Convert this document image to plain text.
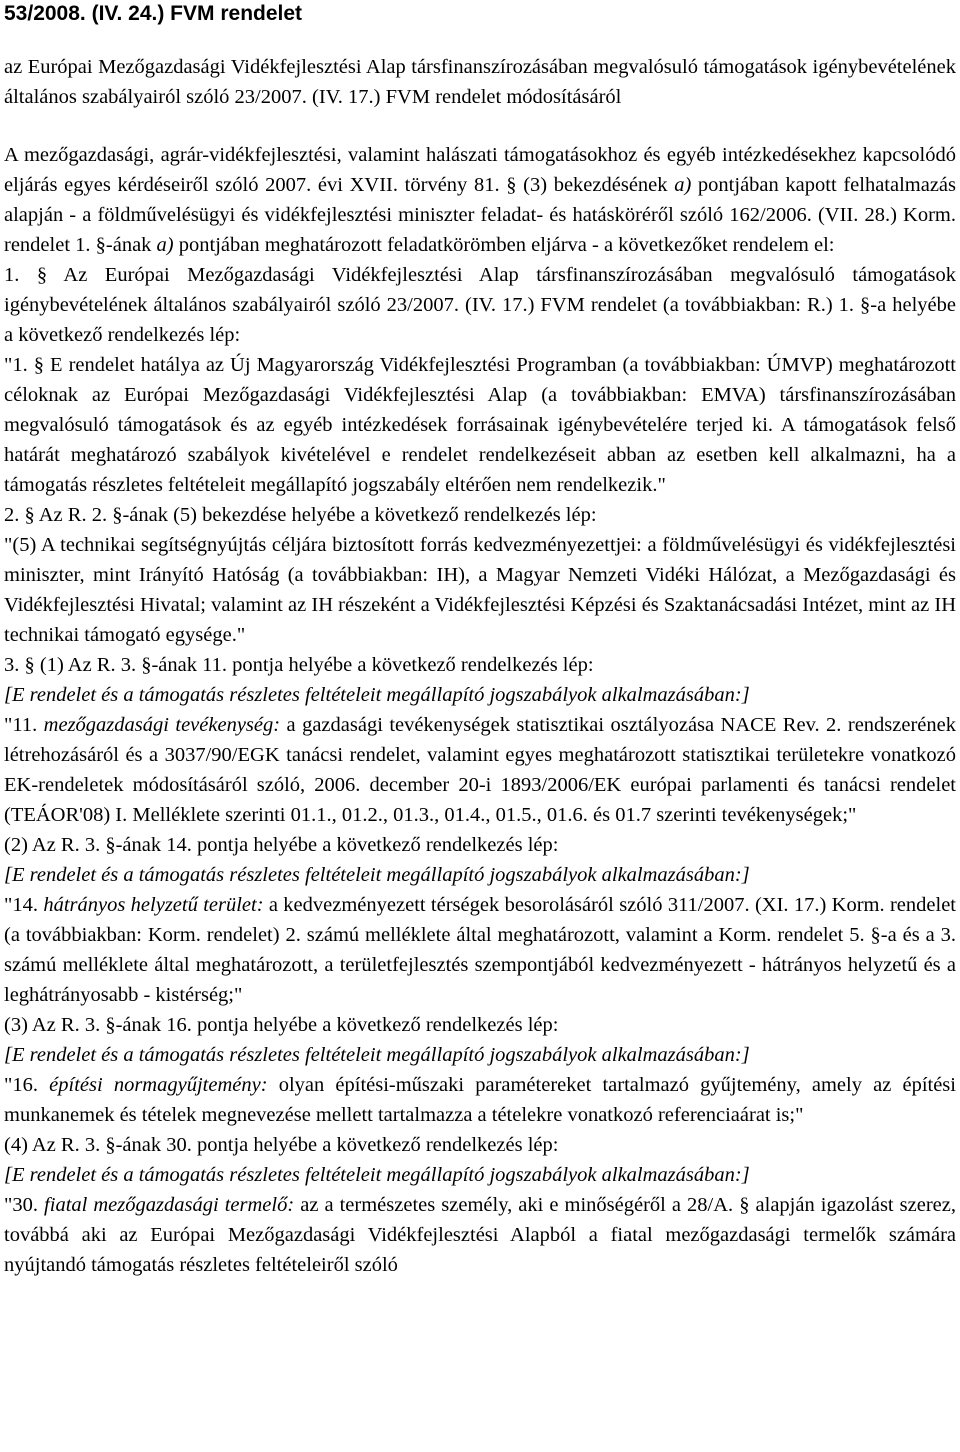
53/2008. (IV. 24.) FVM rendelet

az Európai Mezőgazdasági Vidékfejlesztési Alap társfinanszírozásában megvalósuló támogatások igénybevételének általános szabályairól szóló 23/2007. (IV. 17.) FVM rendelet módosításáról

A mezőgazdasági, agrár-vidékfejlesztési, valamint halászati támogatásokhoz és egyéb intézkedésekhez kapcsolódó eljárás egyes kérdéseiről szóló 2007. évi XVII. törvény 81. § (3) bekezdésének a) pontjában kapott felhatalmazás alapján - a földművelésügyi és vidékfejlesztési miniszter feladat- és hatásköréről szóló 162/2006. (VII. 28.) Korm. rendelet 1. §-ának a) pontjában meghatározott feladatkörömben eljárva - a következőket rendelem el:

1. § Az Európai Mezőgazdasági Vidékfejlesztési Alap társfinanszírozásában megvalósuló támogatások igénybevételének általános szabályairól szóló 23/2007. (IV. 17.) FVM rendelet (a továbbiakban: R.) 1. §-a helyébe a következő rendelkezés lép:

"1. § E rendelet hatálya az Új Magyarország Vidékfejlesztési Programban (a továbbiakban: ÚMVP) meghatározott céloknak az Európai Mezőgazdasági Vidékfejlesztési Alap (a továbbiakban: EMVA) társfinanszírozásában megvalósuló támogatások és az egyéb intézkedések forrásainak igénybevételére terjed ki. A támogatások felső határát meghatározó szabályok kivételével e rendelet rendelkezéseit abban az esetben kell alkalmazni, ha a támogatás részletes feltételeit megállapító jogszabály eltérően nem rendelkezik."

2. § Az R. 2. §-ának (5) bekezdése helyébe a következő rendelkezés lép:

"(5) A technikai segítségnyújtás céljára biztosított forrás kedvezményezettjei: a földművelésügyi és vidékfejlesztési miniszter, mint Irányító Hatóság (a továbbiakban: IH), a Magyar Nemzeti Vidéki Hálózat, a Mezőgazdasági és Vidékfejlesztési Hivatal; valamint az IH részeként a Vidékfejlesztési Képzési és Szaktanácsadási Intézet, mint az IH technikai támogató egysége."

3. § (1) Az R. 3. §-ának 11. pontja helyébe a következő rendelkezés lép:

[E rendelet és a támogatás részletes feltételeit megállapító jogszabályok alkalmazásában:]

"11. mezőgazdasági tevékenység: a gazdasági tevékenységek statisztikai osztályozása NACE Rev. 2. rendszerének létrehozásáról és a 3037/90/EGK tanácsi rendelet, valamint egyes meghatározott statisztikai területekre vonatkozó EK-rendeletek módosításáról szóló, 2006. december 20-i 1893/2006/EK európai parlamenti és tanácsi rendelet (TEÁOR'08) I. Melléklete szerinti 01.1., 01.2., 01.3., 01.4., 01.5., 01.6. és 01.7 szerinti tevékenységek;"

(2) Az R. 3. §-ának 14. pontja helyébe a következő rendelkezés lép:

[E rendelet és a támogatás részletes feltételeit megállapító jogszabályok alkalmazásában:]

"14. hátrányos helyzetű terület: a kedvezményezett térségek besorolásáról szóló 311/2007. (XI. 17.) Korm. rendelet (a továbbiakban: Korm. rendelet) 2. számú melléklete által meghatározott, valamint a Korm. rendelet 5. §-a és a 3. számú melléklete által meghatározott, a területfejlesztés szempontjából kedvezményezett - hátrányos helyzetű és a leghátrányosabb - kistérség;"

(3) Az R. 3. §-ának 16. pontja helyébe a következő rendelkezés lép:

[E rendelet és a támogatás részletes feltételeit megállapító jogszabályok alkalmazásában:]

"16. építési normagyűjtemény: olyan építési-műszaki paramétereket tartalmazó gyűjtemény, amely az építési munkanemek és tételek megnevezése mellett tartalmazza a tételekre vonatkozó referenciaárat is;"

(4) Az R. 3. §-ának 30. pontja helyébe a következő rendelkezés lép:

[E rendelet és a támogatás részletes feltételeit megállapító jogszabályok alkalmazásában:]

"30. fiatal mezőgazdasági termelő: az a természetes személy, aki e minőségéről a 28/A. § alapján igazolást szerez, továbbá aki az Európai Mezőgazdasági Vidékfejlesztési Alapból a fiatal mezőgazdasági termelők számára nyújtandó támogatás részletes feltételeiről szóló
